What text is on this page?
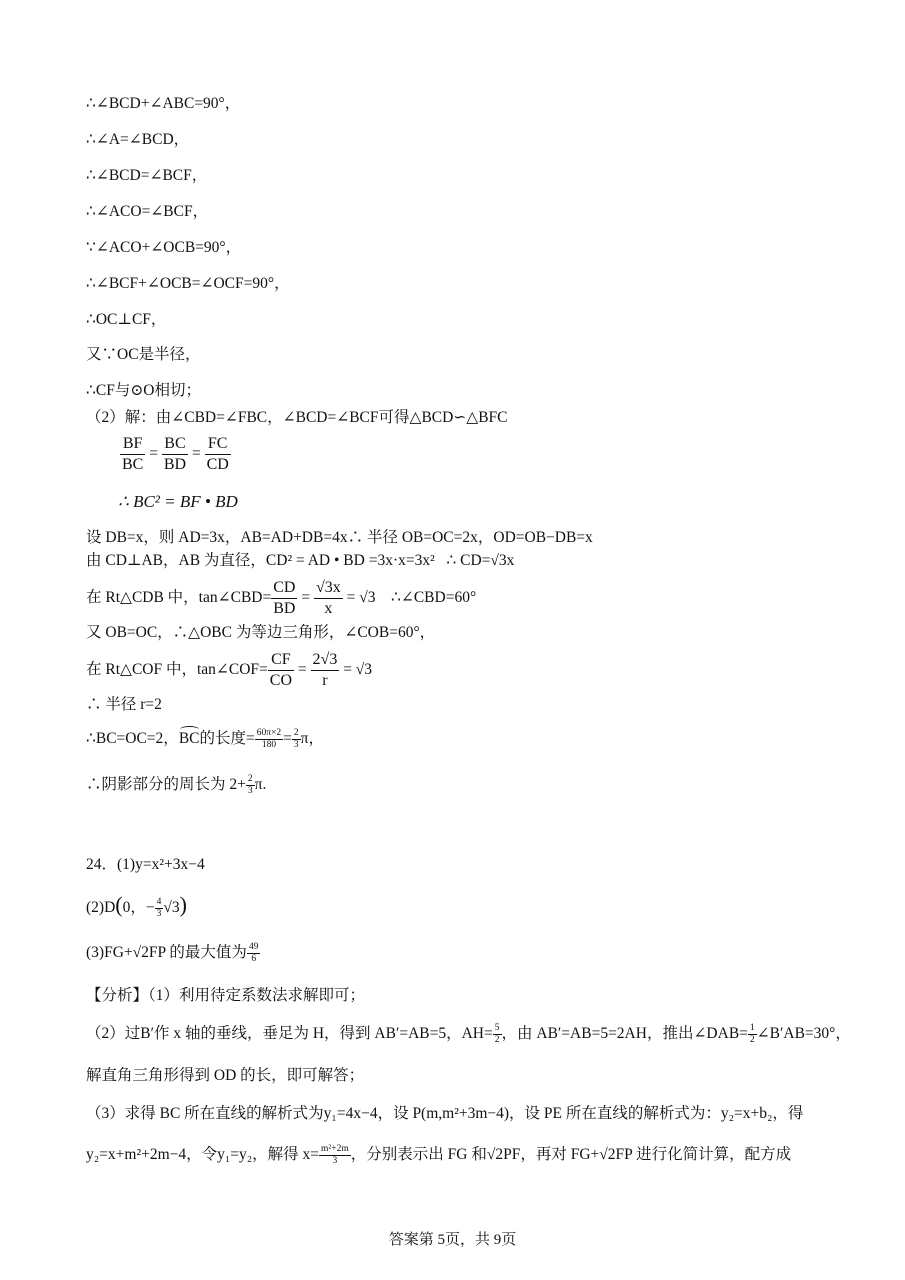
∴∠BCD+∠ABC=90°，
∴∠A=∠BCD，
∴∠BCD=∠BCF，
∴∠ACO=∠BCF，
∵∠ACO+∠OCB=90°，
∴∠BCF+∠OCB=∠OCF=90°，
∴OC⊥CF，
又∵OC是半径，
∴CF与⊙O相切；
（2）解：由∠CBD=∠FBC，∠BCD=∠BCF可得△BCD∽△BFC
$\frac{BF}{BC} = \frac{BC}{BD} = \frac{FC}{CD}$
∴ BC² = BF • BD
设 DB=x，则 AD=3x，AB=AD+DB=4x∴ 半径 OB=OC=2x，OD=OB−DB=x
由 CD⊥AB，AB 为直径，CD² = AD • BD =3x·x=3x² ∴ CD=√3x
在 Rt△CDB 中，tan∠CBD= $\frac{CD}{BD} = \frac{√3x}{x} = √3$ ∴∠CBD=60°
又 OB=OC，∴△OBC 为等边三角形，∠COB=60°，
在 Rt△COF 中，tan∠COF= $\frac{CF}{CO} = \frac{2√3}{r} = √3$
∴ 半径 r=2
∴BC=OC=2，BC的长度= $\frac{60\pi\times 2}{180} = \frac{2}{3}$ π，
∴阴影部分的周长为 $2+ \frac{2}{3} \pi$.
24．(1)y=x²+3x−4
(2)D(0，− $\frac{4}{3} √3$)
(3)FG+√2FP 的最大值为 $\frac{49}{6}$
【分析】（1）利用待定系数法求解即可；
（2）过B′作 x 轴的垂线，垂足为 H，得到 AB′=AB=5，$AH= \frac{5}{2}$ ，由 AB′=AB=5=2AH，推出∠DAB= $\frac{1}{2}$ ∠B′AB=30°，
解直角三角形得到 OD 的长，即可解答；
（3）求得 BC 所在直线的解析式为y₁=4x−4，设 P(m,m²+3m−4)，设 PE 所在直线的解析式为：y₂=x+b₂，得
y₂=x+m²+2m−4，令y₁=y₂，解得 $x= \frac{\text{m²+2m}}{3}$ ，分别表示出 FG 和√2PF，再对 FG+√2FP 进行化简计算，配方成
答案第 5页，共 9页
